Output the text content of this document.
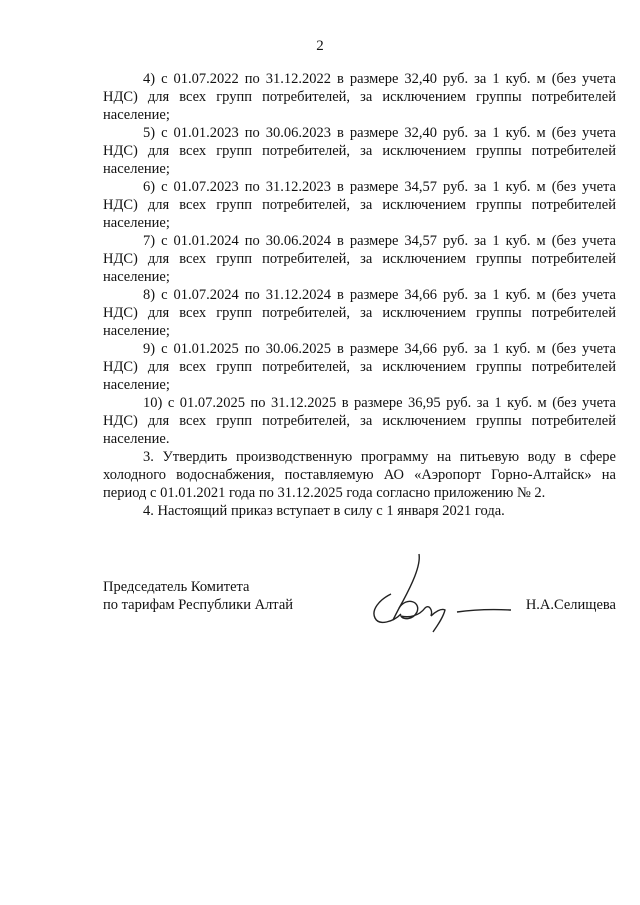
2

4) с 01.07.2022 по 31.12.2022 в размере 32,40 руб. за 1 куб. м (без учета НДС) для всех групп потребителей, за исключением группы потребителей население;

5) с 01.01.2023 по 30.06.2023 в размере 32,40 руб. за 1 куб. м (без учета НДС) для всех групп потребителей, за исключением группы потребителей население;

6) с 01.07.2023 по 31.12.2023 в размере 34,57 руб. за 1 куб. м (без учета НДС) для всех групп потребителей, за исключением группы потребителей население;

7) с 01.01.2024 по 30.06.2024 в размере 34,57 руб. за 1 куб. м (без учета НДС) для всех групп потребителей, за исключением группы потребителей население;

8) с 01.07.2024 по 31.12.2024 в размере 34,66 руб. за 1 куб. м (без учета НДС) для всех групп потребителей, за исключением группы потребителей население;

9) с 01.01.2025 по 30.06.2025 в размере 34,66 руб. за 1 куб. м (без учета НДС) для всех групп потребителей, за исключением группы потребителей население;

10) с 01.07.2025 по 31.12.2025 в размере 36,95 руб. за 1 куб. м (без учета НДС) для всех групп потребителей, за исключением группы потребителей население.

3. Утвердить производственную программу на питьевую воду в сфере холодного водоснабжения, поставляемую АО «Аэропорт Горно-Алтайск» на период с 01.01.2021 года по 31.12.2025 года согласно приложению № 2.

4. Настоящий приказ вступает в силу с 1 января 2021 года.

Председатель Комитета
по тарифам Республики Алтай	Н.А.Селищева
